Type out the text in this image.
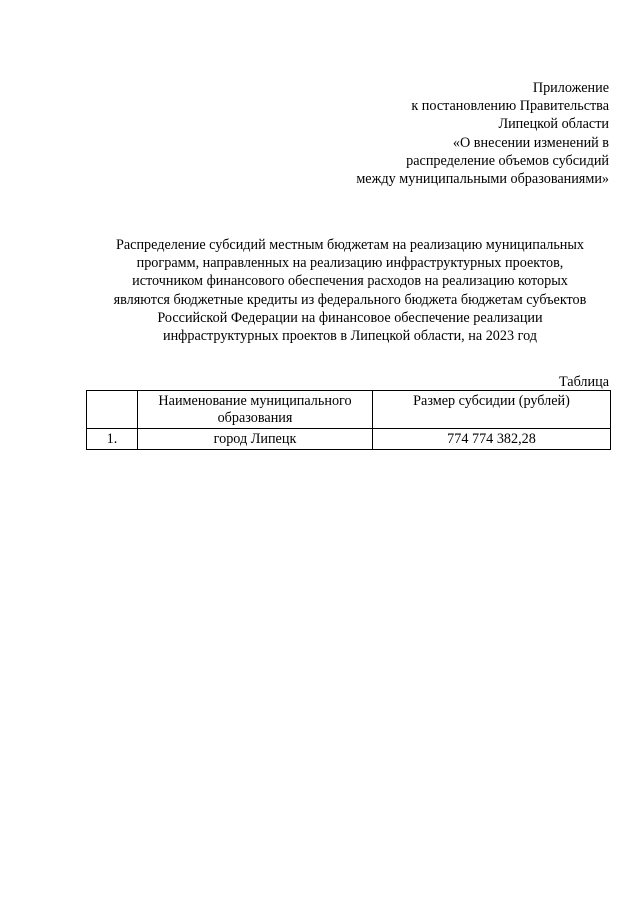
Приложение
к постановлению Правительства
Липецкой области
«О внесении изменений в
распределение объемов субсидий
между муниципальными образованиями»
Распределение субсидий местным бюджетам на реализацию муниципальных
программ, направленных на реализацию инфраструктурных проектов,
источником финансового обеспечения расходов на реализацию которых
являются бюджетные кредиты из федерального бюджета бюджетам субъектов
Российской Федерации на финансовое обеспечение реализации
инфраструктурных проектов в Липецкой области, на 2023 год
Таблица
	Наименование муниципального образования	Размер субсидии (рублей)
1.	город Липецк	774 774 382,28
